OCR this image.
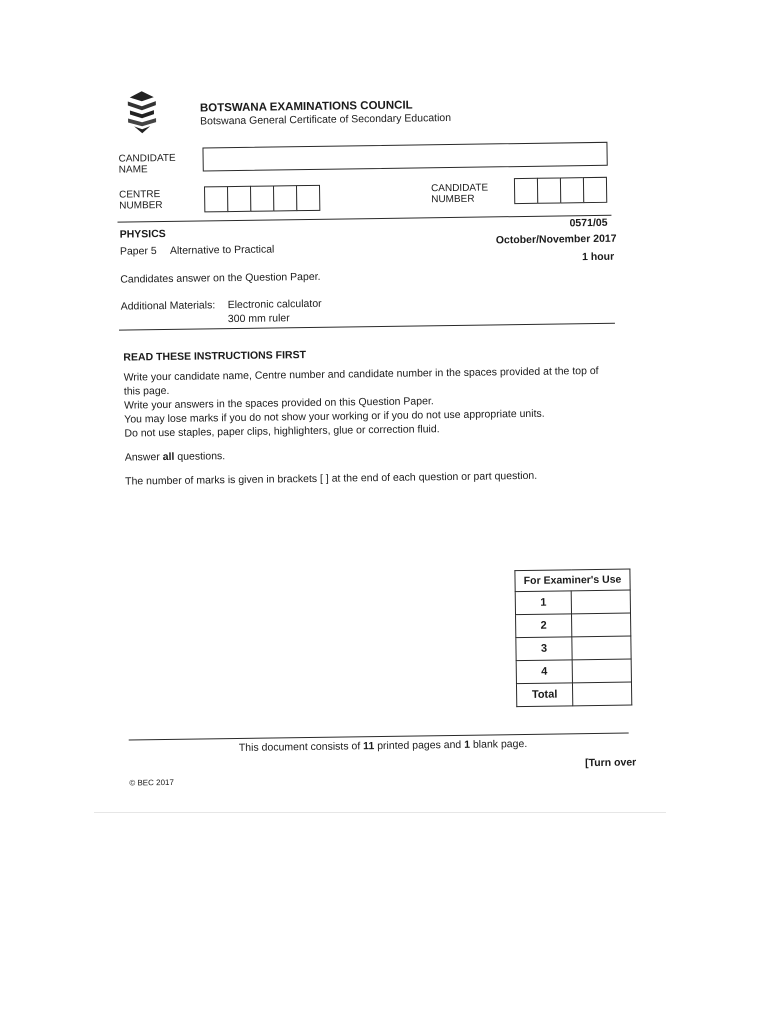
BOTSWANA EXAMINATIONS COUNCIL
Botswana General Certificate of Secondary Education
CANDIDATE NAME
CENTRE NUMBER
CANDIDATE NUMBER
PHYSICS
0571/05
Paper 5 Alternative to Practical
October/November 2017
1 hour
Candidates answer on the Question Paper.
Additional Materials: Electronic calculator
300 mm ruler
READ THESE INSTRUCTIONS FIRST
Write your candidate name, Centre number and candidate number in the spaces provided at the top of
this page.
Write your answers in the spaces provided on this Question Paper.
You may lose marks if you do not show your working or if you do not use appropriate units.
Do not use staples, paper clips, highlighters, glue or correction fluid.
Answer all questions.
The number of marks is given in brackets [ ] at the end of each question or part question.
For Examiner's Use	
1	
2	
3	
4	
Total	
This document consists of 11 printed pages and 1 blank page.
[Turn over
© BEC 2017
